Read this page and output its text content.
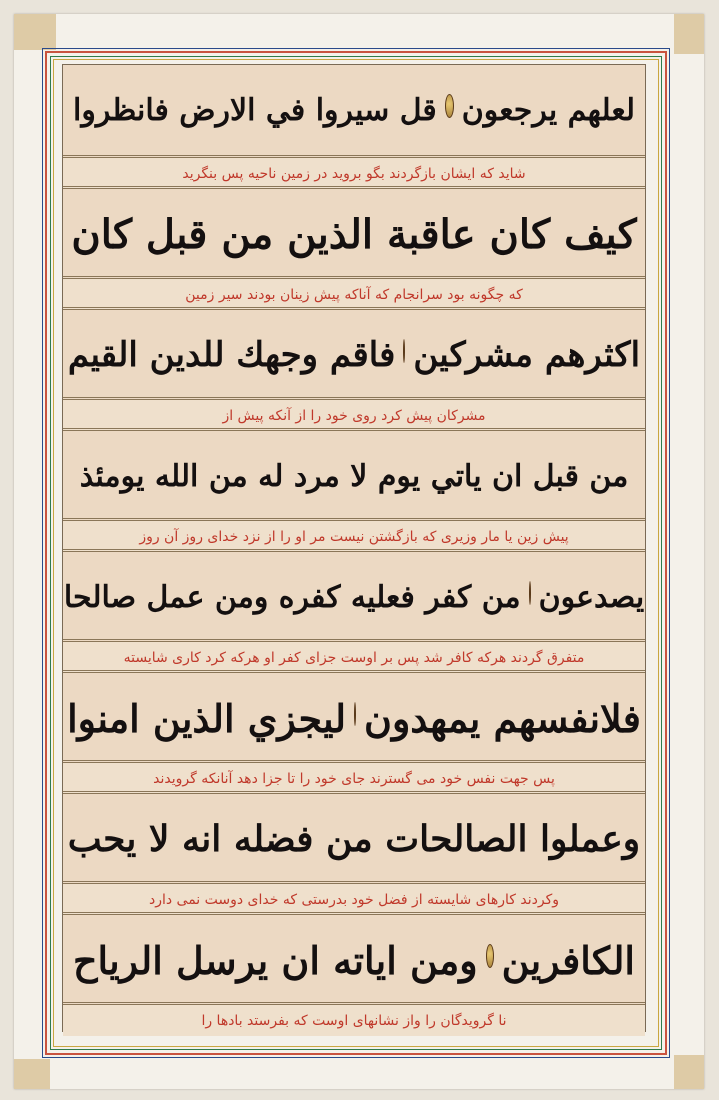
لعلهم يرجعون
قل سيروا في الارض فانظروا
شايد كه ايشان بازگردند بگو برويد در زمين ناحيه پس بنگريد
كيف كان عاقبة الذين من قبل كان
كه چگونه بود سرانجام كه آناكه پيش زينان بودند سير زمين
اكثرهم مشركين
فاقم وجهك للدين القيم
مشركان پيش كرد روى خود را از آنكه پيش از
من قبل ان ياتي يوم لا مرد له من الله يومئذ
پيش زين يا مار وزيرى كه بازگشتن نيست مر او را از نزد خداى روز آن روز
يصدعون
من كفر فعليه كفره ومن عمل صالحا
متفرق گردند هركه كافر شد پس بر اوست جزاى كفر او هركه كرد كارى شايسته
فلانفسهم يمهدون
ليجزي الذين امنوا
پس جهت نفس خود مى گسترند جاى خود را تا جزا دهد آنانكه گرويدند
وعملوا الصالحات من فضله انه لا يحب
وكردند كارهاى شايسته از فضل خود بدرستى كه خداى دوست نمى دارد
الكافرين
ومن اياته ان يرسل الرياح
نا گرويدگان را واز نشانهاى اوست كه بفرستد بادها را
